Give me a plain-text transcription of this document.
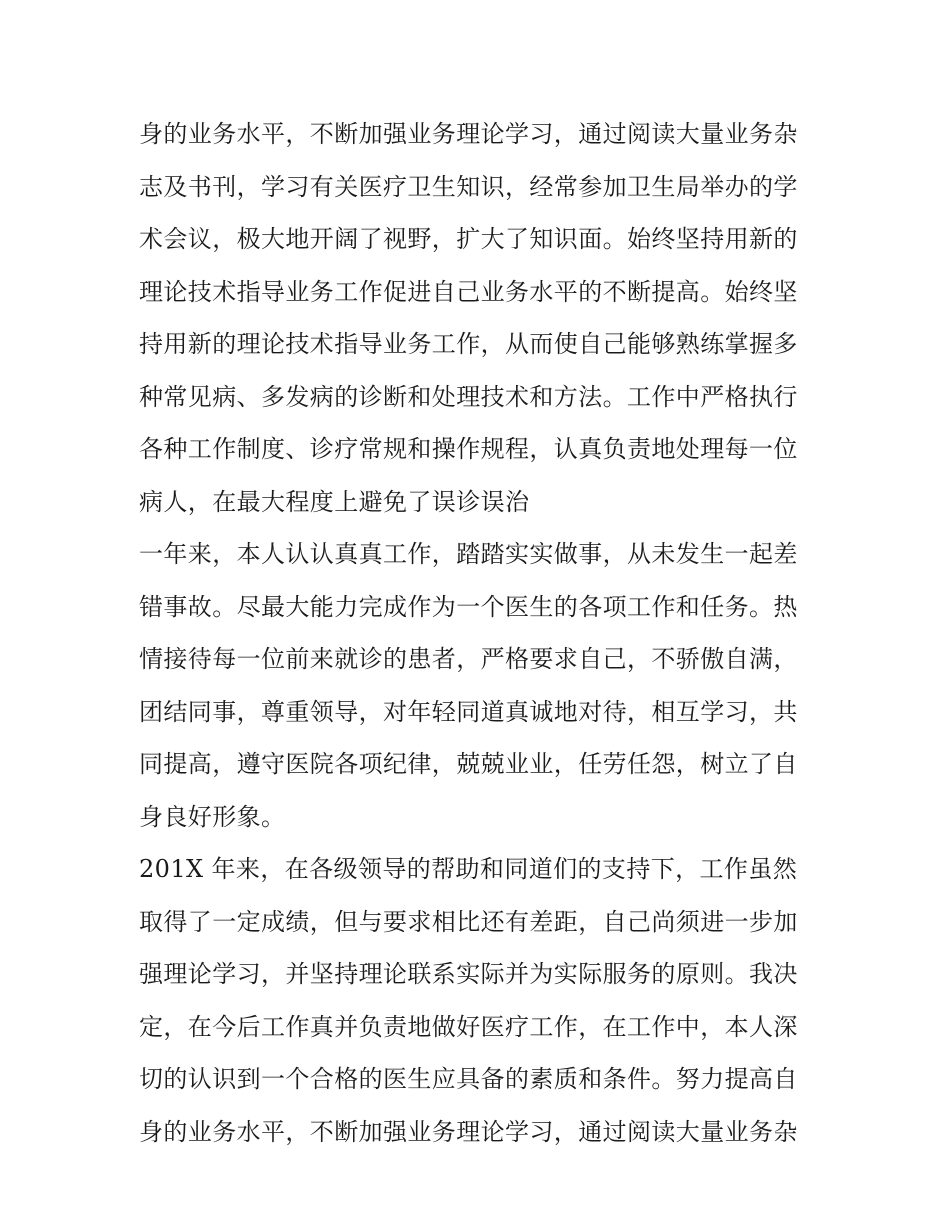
身的业务水平，不断加强业务理论学习，通过阅读大量业务杂
志及书刊，学习有关医疗卫生知识，经常参加卫生局举办的学
术会议，极大地开阔了视野，扩大了知识面。始终坚持用新的
理论技术指导业务工作促进自己业务水平的不断提高。始终坚
持用新的理论技术指导业务工作，从而使自己能够熟练掌握多
种常见病、多发病的诊断和处理技术和方法。工作中严格执行
各种工作制度、诊疗常规和操作规程，认真负责地处理每一位
病人，在最大程度上避免了误诊误治
一年来，本人认认真真工作，踏踏实实做事，从未发生一起差
错事故。尽最大能力完成作为一个医生的各项工作和任务。热
情接待每一位前来就诊的患者，严格要求自己，不骄傲自满，
团结同事，尊重领导，对年轻同道真诚地对待，相互学习，共
同提高，遵守医院各项纪律，兢兢业业，任劳任怨，树立了自
身良好形象。
201X 年来，在各级领导的帮助和同道们的支持下，工作虽然
取得了一定成绩，但与要求相比还有差距，自己尚须进一步加
强理论学习，并坚持理论联系实际并为实际服务的原则。我决
定，在今后工作真并负责地做好医疗工作，在工作中，本人深
切的认识到一个合格的医生应具备的素质和条件。努力提高自
身的业务水平，不断加强业务理论学习，通过阅读大量业务杂
